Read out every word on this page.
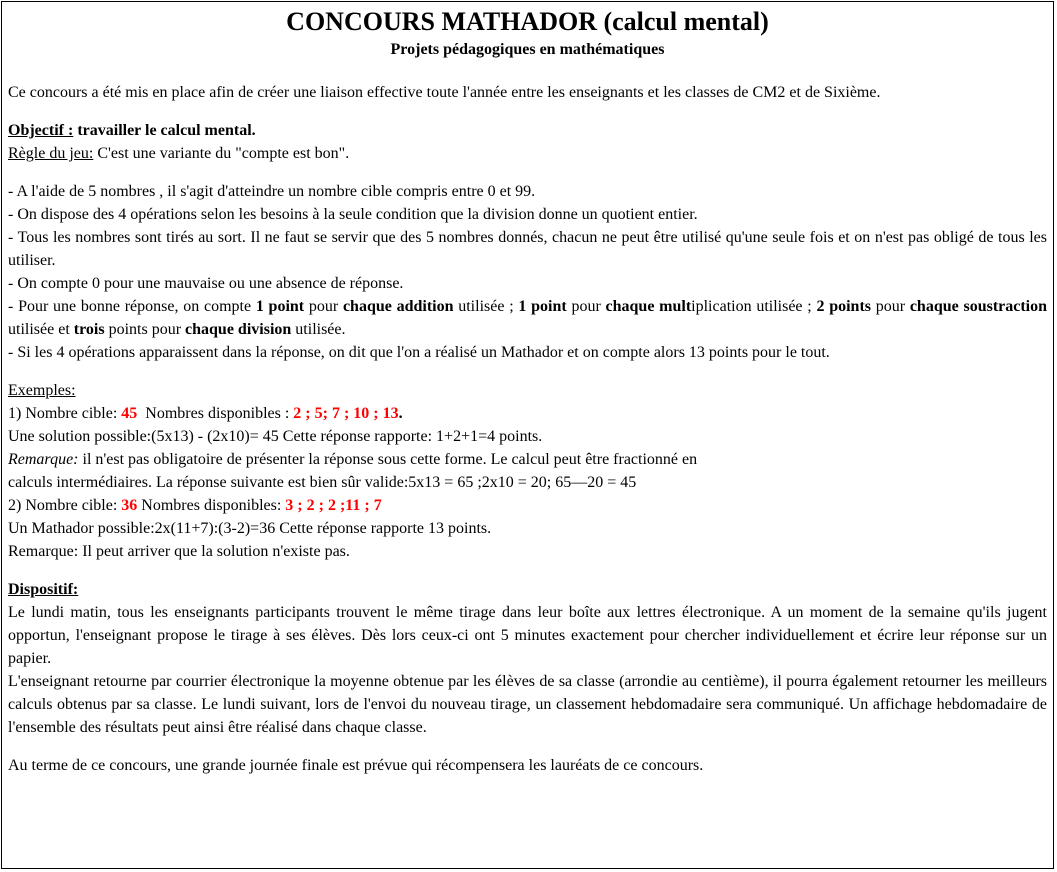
CONCOURS MATHADOR (calcul mental)
Projets pédagogiques en mathématiques

Ce concours a été mis en place afin de créer une liaison effective toute l'année entre les enseignants et les classes de CM2 et de Sixième.

Objectif : travailler le calcul mental.

Règle du jeu: C'est une variante du "compte est bon".

- A l'aide de 5 nombres , il s'agit d'atteindre un nombre cible compris entre 0 et 99.

- On dispose des 4 opérations selon les besoins à la seule condition que la division donne un quotient entier.

- Tous les nombres sont tirés au sort. Il ne faut se servir que des 5 nombres donnés, chacun ne peut être utilisé qu'une seule fois et on n'est pas obligé de tous les utiliser.

- On compte 0 pour une mauvaise ou une absence de réponse.

- Pour une bonne réponse, on compte 1 point pour chaque addition utilisée ; 1 point pour chaque multiplication utilisée ; 2 points pour chaque soustraction utilisée et trois points pour chaque division utilisée.

- Si les 4 opérations apparaissent dans la réponse, on dit que l'on a réalisé un Mathador et on compte alors 13 points pour le tout.

Exemples:

1) Nombre cible: 45  Nombres disponibles : 2 ; 5; 7 ; 10 ; 13.

Une solution possible:(5x13) - (2x10)= 45 Cette réponse rapporte: 1+2+1=4 points.

Remarque: il n'est pas obligatoire de présenter la réponse sous cette forme. Le calcul peut être fractionné en

calculs intermédiaires. La réponse suivante est bien sûr valide:5x13 = 65 ;2x10 = 20; 65—20 = 45

2) Nombre cible: 36 Nombres disponibles: 3 ; 2 ; 2 ;11 ; 7

Un Mathador possible:2x(11+7):(3-2)=36 Cette réponse rapporte 13 points.

Remarque: Il peut arriver que la solution n'existe pas.

Dispositif:

Le lundi matin, tous les enseignants participants trouvent le même tirage dans leur boîte aux lettres électronique. A un moment de la semaine qu'ils jugent opportun, l'enseignant propose le tirage à ses élèves. Dès lors ceux-ci ont 5 minutes exactement pour chercher individuellement et écrire leur réponse sur un papier.

L'enseignant retourne par courrier électronique la moyenne obtenue par les élèves de sa classe (arrondie au centième), il pourra également retourner les meilleurs calculs obtenus par sa classe. Le lundi suivant, lors de l'envoi du nouveau tirage, un classement hebdomadaire sera communiqué. Un affichage hebdomadaire de l'ensemble des résultats peut ainsi être réalisé dans chaque classe.

Au terme de ce concours, une grande journée finale est prévue qui récompensera les lauréats de ce concours.
